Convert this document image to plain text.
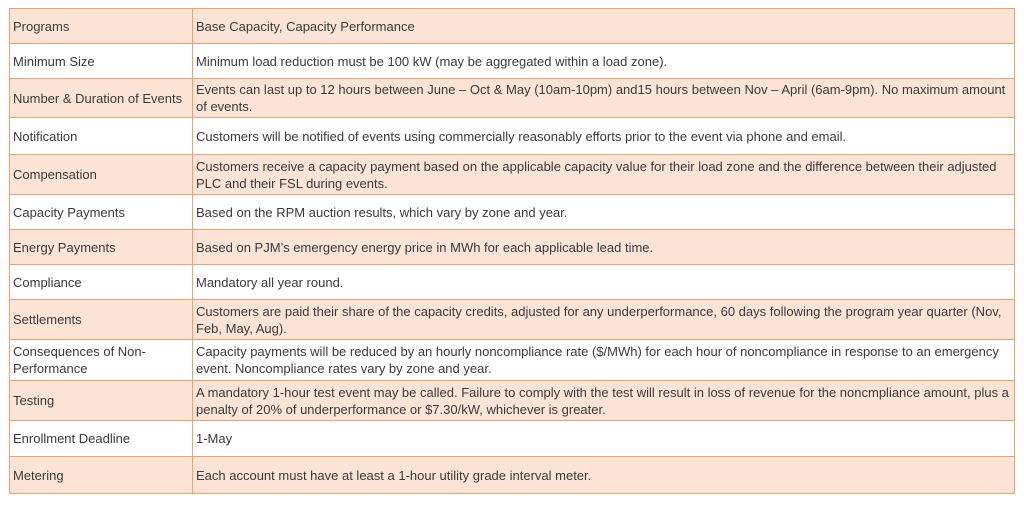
Programs	Base Capacity, Capacity Performance
Minimum Size	Minimum load reduction must be 100 kW (may be aggregated within a load zone).
Number & Duration of Events	Events can last up to 12 hours between June – Oct & May (10am-10pm) and15 hours between Nov – April (6am-9pm). No maximum amount of events.
Notification	Customers will be notified of events using commercially reasonably efforts prior to the event via phone and email.
Compensation	Customers receive a capacity payment based on the applicable capacity value for their load zone and the difference between their adjusted PLC and their FSL during events.
Capacity Payments	Based on the RPM auction results, which vary by zone and year.
Energy Payments	Based on PJM’s emergency energy price in MWh for each applicable lead time.
Compliance	Mandatory all year round.
Settlements	Customers are paid their share of the capacity credits, adjusted for any underperformance, 60 days following the program year quarter (Nov, Feb, May, Aug).
Consequences of Non-Performance	Capacity payments will be reduced by an hourly noncompliance rate ($/MWh) for each hour of noncompliance in response to an emergency event. Noncompliance rates vary by zone and year.
Testing	A mandatory 1-hour test event may be called. Failure to comply with the test will result in loss of revenue for the noncmpliance amount, plus a penalty of 20% of underperformance or $7.30/kW, whichever is greater.
Enrollment Deadline	1-May
Metering	Each account must have at least a 1-hour utility grade interval meter.
